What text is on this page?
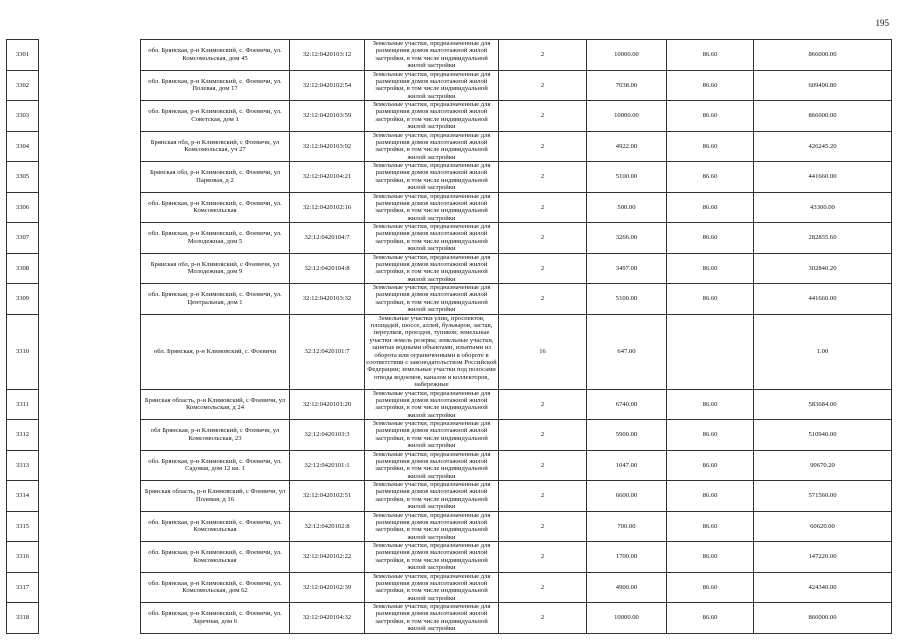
195
3301		обл. Брянская, р-н Климовский, с. Фоевичи, ул. Комсомольская, дом 45	32:12:0420103:12	Земельные участки, предназначенные для размещения домов малоэтажной жилой застройки, в том числе индивидуальной жилой застройки	2	10000.00	86.60	866000.00
3302		обл. Брянская, р-н Климовский, с. Фоевичи, ул. Полевая, дом 17	32:12:0420102:54	Земельные участки, предназначенные для размещения домов малоэтажной жилой застройки, в том числе индивидуальной жилой застройки	2	7038.00	86.60	609490.80
3303		обл. Брянская, р-н Климовский, с. Фоевичи, ул. Советская, дом 1	32:12:0420103:59	Земельные участки, предназначенные для размещения домов малоэтажной жилой застройки, в том числе индивидуальной жилой застройки	2	10000.00	86.60	866000.00
3304		Брянская обл, р-н Климовский, с Фоевичи, ул Комсомольская, уч 27	32:12:0420103:92	Земельные участки, предназначенные для размещения домов малоэтажной жилой застройки, в том числе индивидуальной жилой застройки	2	4922.00	86.60	426245.20
3305		Брянская обл, р-н Климовский, с. Фоевичи, ул Парковая, д 2	32:12:0420104:21	Земельные участки, предназначенные для размещения домов малоэтажной жилой застройки, в том числе индивидуальной жилой застройки	2	5100.00	86.60	441660.00
3306		обл. Брянская, р-н Климовский, с. Фоевичи, ул. Комсомольская	32:12:0420102:16	Земельные участки, предназначенные для размещения домов малоэтажной жилой застройки, в том числе индивидуальной жилой застройки	2	500.00	86.60	43300.00
3307		обл. Брянская, р-н Климовский, с. Фоевичи, ул. Молодежная, дом 5	32:12:0420104:7	Земельные участки, предназначенные для размещения домов малоэтажной жилой застройки, в том числе индивидуальной жилой застройки	2	3266.00	86.60	282835.60
3308		Брянская обл, р-н Климовский, с Фоевичи, ул Молодежная, дом 9	32:12:0420104:8	Земельные участки, предназначенные для размещения домов малоэтажной жилой застройки, в том числе индивидуальной жилой застройки	2	3497.00	86.60	302840.20
3309		обл. Брянская, р-н Климовский, с. Фоевичи, ул. Центральная, дом 1	32:12:0420103:32	Земельные участки, предназначенные для размещения домов малоэтажной жилой застройки, в том числе индивидуальной жилой застройки	2	5100.00	86.60	441660.00
3310		обл. Брянская, р-н Климовский, с. Фоевичи	32:12:0420101:7	Земельные участки улиц, проспектов, площадей, шоссе, аллей, бульваров, застав, переулков, проездов, тупиков; земельные участки земель резерва; земельные участки, занятые водными объектами, изъятыми из оборота или ограниченными в обороте в соответствии с законодательством Российской Федерации; земельные участки под полосами отвода водоемов, каналов и коллекторов, набережные	16	647.00		1.00
3311		Брянская область, р-н Климовский, с Фоевичи, ул Комсомольская, д 24	32:12:0420101:20	Земельные участки, предназначенные для размещения домов малоэтажной жилой застройки, в том числе индивидуальной жилой застройки	2	6740.00	86.60	583684.00
3312		обл Брянская, р-н Климовский, с Фоевичи, ул Комсомольская, 23	32:12:0420103:3	Земельные участки, предназначенные для размещения домов малоэтажной жилой застройки, в том числе индивидуальной жилой застройки	2	5900.00	86.60	510940.00
3313		обл. Брянская, р-н Климовский, с. Фоевичи, ул. Садовая, дом 12 кв. 1	32:12:0420101:1	Земельные участки, предназначенные для размещения домов малоэтажной жилой застройки, в том числе индивидуальной жилой застройки	2	1047.00	86.60	90670.20
3314		Брянская область, р-н Климовский, с Фоевичи, ул Полевая, д 16	32:12:0420102:51	Земельные участки, предназначенные для размещения домов малоэтажной жилой застройки, в том числе индивидуальной жилой застройки	2	6600.00	86.60	571560.00
3315		обл. Брянская, р-н Климовский, с. Фоевичи, ул. Комсомольская	32:12:0420102:8	Земельные участки, предназначенные для размещения домов малоэтажной жилой застройки, в том числе индивидуальной жилой застройки	2	700.00	86.60	60620.00
3316		обл. Брянская, р-н Климовский, с. Фоевичи, ул. Комсомольская	32:12:0420102:22	Земельные участки, предназначенные для размещения домов малоэтажной жилой застройки, в том числе индивидуальной жилой застройки	2	1700.00	86.60	147220.00
3317		обл. Брянская, р-н Климовский, с. Фоевичи, ул. Комсомольская, дом 62	32:12:0420102:39	Земельные участки, предназначенные для размещения домов малоэтажной жилой застройки, в том числе индивидуальной жилой застройки	2	4900.00	86.60	424340.00
3318		обл. Брянская, р-н Климовский, с. Фоевичи, ул. Заречная, дом 6	32:12:0420104:32	Земельные участки, предназначенные для размещения домов малоэтажной жилой застройки, в том числе индивидуальной жилой застройки	2	10000.00	86.60	866000.00
